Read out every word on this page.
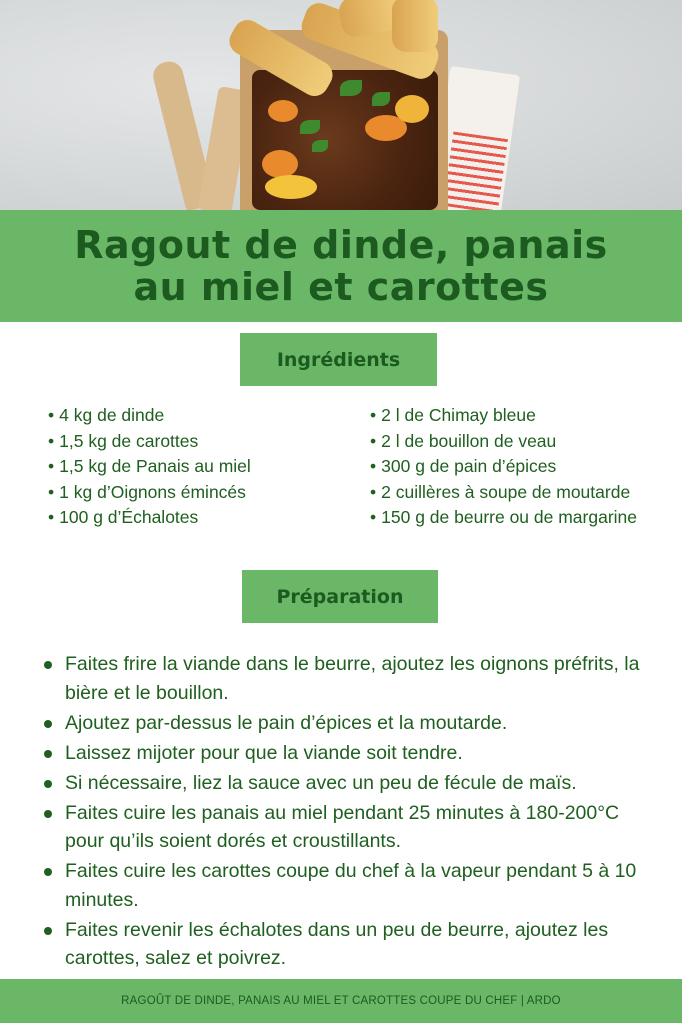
Ragout de dinde, panais au miel et carottes
Ingrédients
• 4 kg de dinde
• 1,5 kg de carottes
• 1,5 kg de Panais au miel
• 1 kg d’Oignons émincés
• 100 g d’Échalotes
• 2 l de Chimay bleue
• 2 l de bouillon de veau
• 300 g de pain d’épices
• 2 cuillères à soupe de moutarde
• 150 g de beurre ou de margarine
Préparation
Faites frire la viande dans le beurre, ajoutez les oignons préfrits, la bière et le bouillon.
Ajoutez par-dessus le pain d’épices et la moutarde.
Laissez mijoter pour que la viande soit tendre.
Si nécessaire, liez la sauce avec un peu de fécule de maïs.
Faites cuire les panais au miel pendant 25 minutes à 180-200°C pour qu’ils soient dorés et croustillants.
Faites cuire les carottes coupe du chef à la vapeur pendant 5 à 10 minutes.
Faites revenir les échalotes dans un peu de beurre, ajoutez les carottes, salez et poivrez.
RAGOÛT DE DINDE, PANAIS AU MIEL ET CAROTTES COUPE DU CHEF | ARDO
